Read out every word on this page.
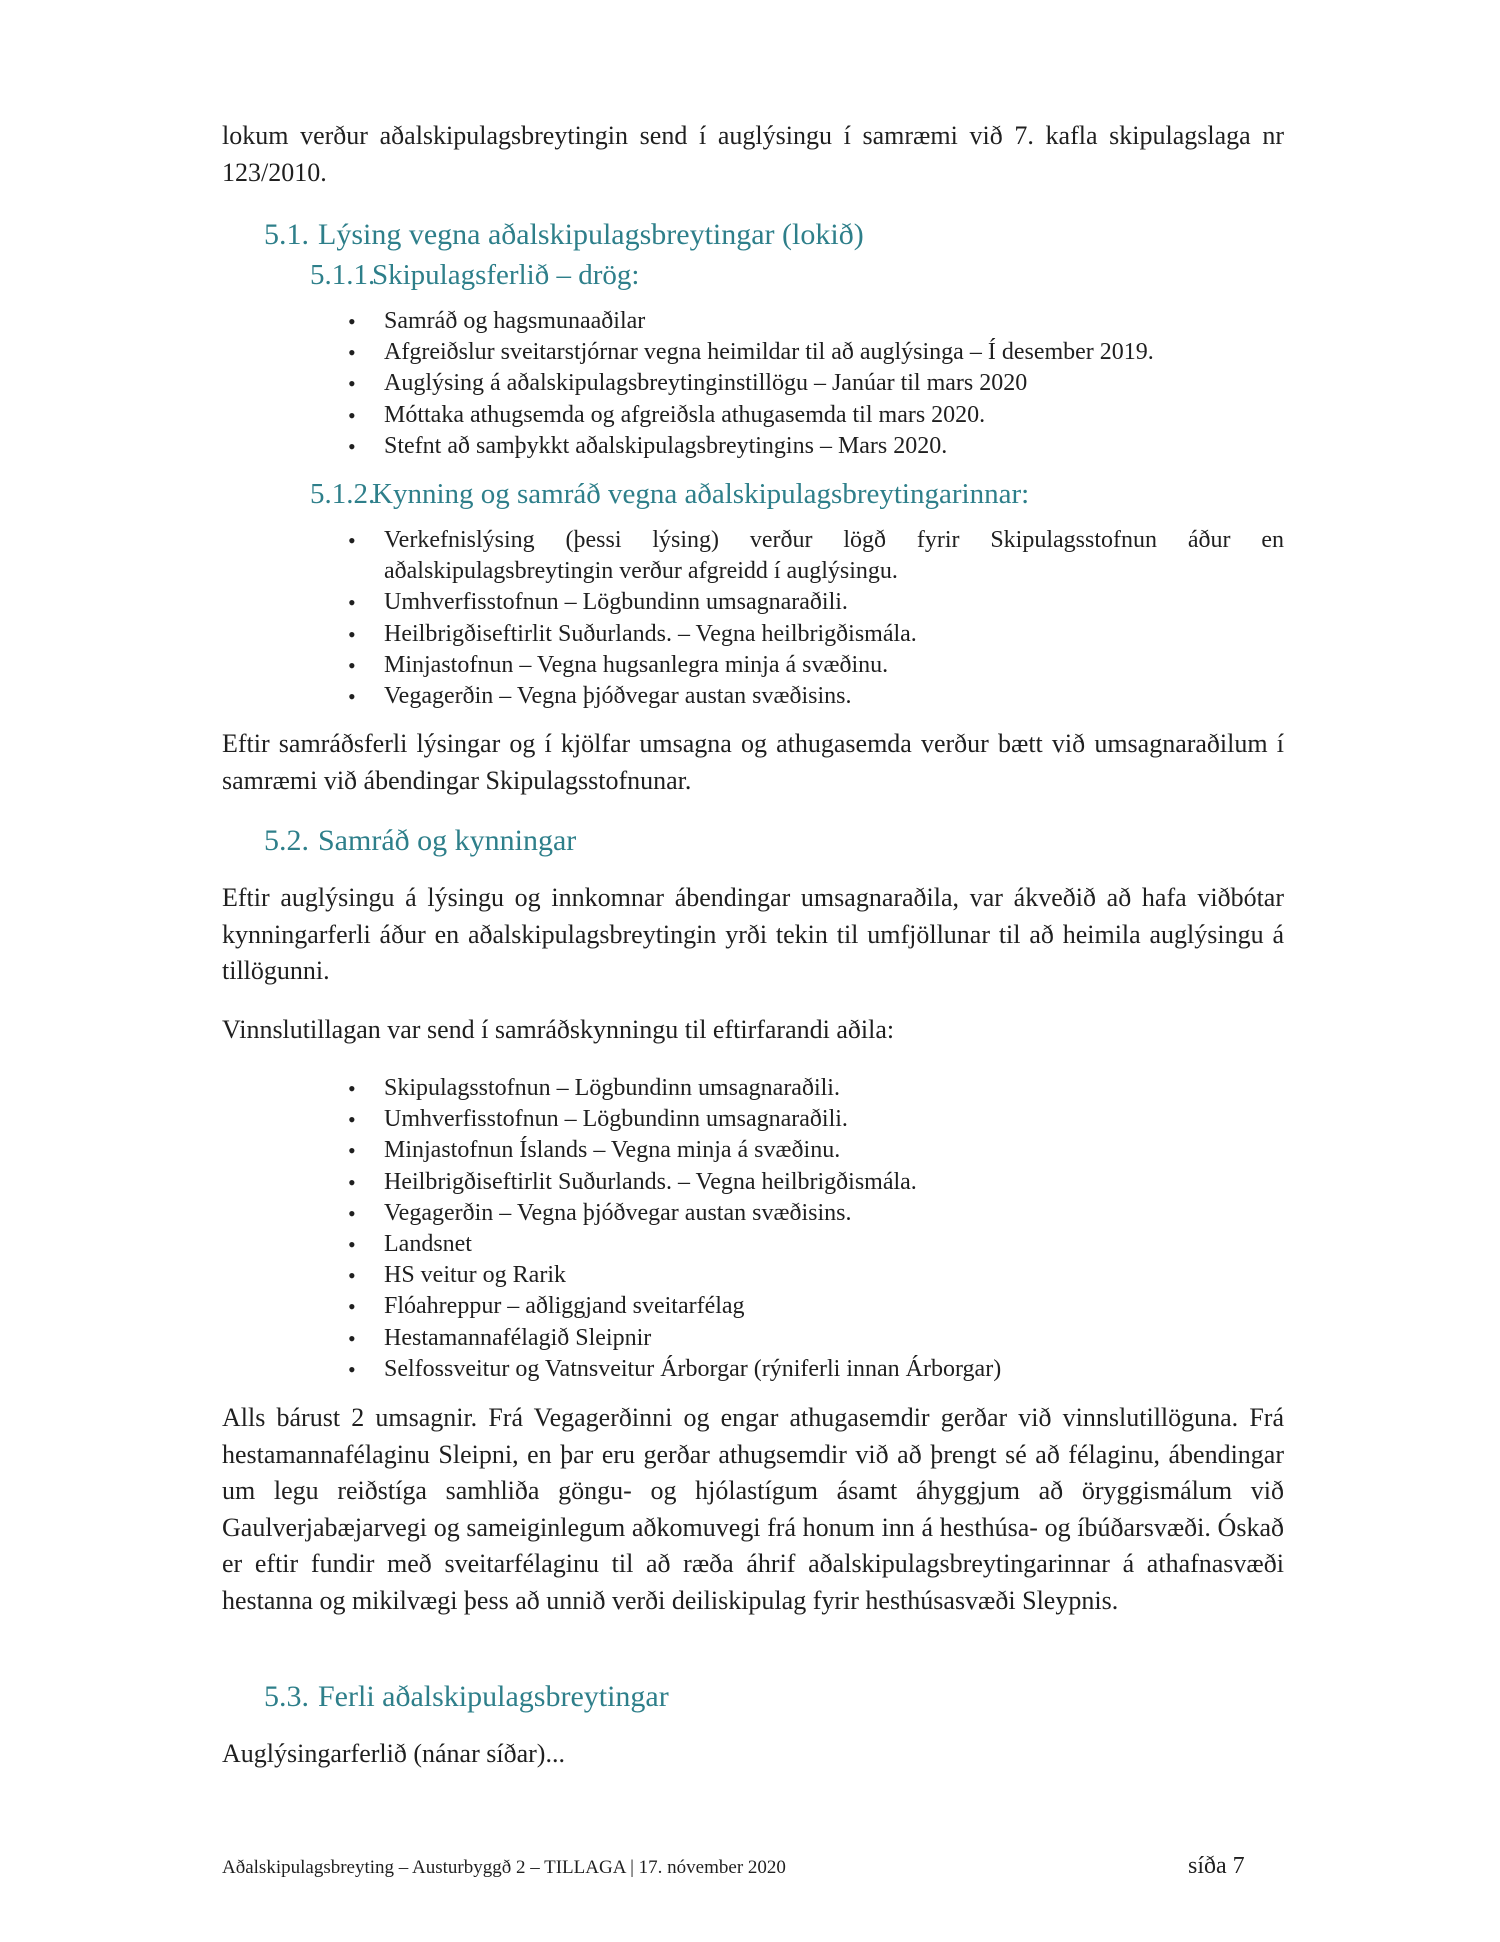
lokum verður aðalskipulagsbreytingin send í auglýsingu í samræmi við 7. kafla skipulagslaga nr 123/2010.
5.1. Lýsing vegna aðalskipulagsbreytingar (lokið)
5.1.1.Skipulagsferlið – drög:
• Samráð og hagsmunaaðilar
• Afgreiðslur sveitarstjórnar vegna heimildar til að auglýsinga – Í desember 2019.
• Auglýsing á aðalskipulagsbreytinginstillögu – Janúar til mars 2020
• Móttaka athugsemda og afgreiðsla athugasemda til mars 2020.
• Stefnt að samþykkt aðalskipulagsbreytingins – Mars 2020.
5.1.2.Kynning og samráð vegna aðalskipulagsbreytingarinnar:
• Verkefnislýsing (þessi lýsing) verður lögð fyrir Skipulagsstofnun áður en aðalskipulagsbreytingin verður afgreidd í auglýsingu.
• Umhverfisstofnun – Lögbundinn umsagnaraðili.
• Heilbrigðiseftirlit Suðurlands. – Vegna heilbrigðismála.
• Minjastofnun – Vegna hugsanlegra minja á svæðinu.
• Vegagerðin – Vegna þjóðvegar austan svæðisins.
Eftir samráðsferli lýsingar og í kjölfar umsagna og athugasemda verður bætt við umsagnaraðilum í samræmi við ábendingar Skipulagsstofnunar.
5.2. Samráð og kynningar
Eftir auglýsingu á lýsingu og innkomnar ábendingar umsagnaraðila, var ákveðið að hafa viðbótar kynningarferli áður en aðalskipulagsbreytingin yrði tekin til umfjöllunar til að heimila auglýsingu á tillögunni.
Vinnslutillagan var send í samráðskynningu til eftirfarandi aðila:
• Skipulagsstofnun – Lögbundinn umsagnaraðili.
• Umhverfisstofnun – Lögbundinn umsagnaraðili.
• Minjastofnun Íslands – Vegna minja á svæðinu.
• Heilbrigðiseftirlit Suðurlands. – Vegna heilbrigðismála.
• Vegagerðin – Vegna þjóðvegar austan svæðisins.
• Landsnet
• HS veitur og Rarik
• Flóahreppur – aðliggjand sveitarfélag
• Hestamannafélagið Sleipnir
• Selfossveitur og Vatnsveitur Árborgar (rýniferli innan Árborgar)
Alls bárust 2 umsagnir. Frá Vegagerðinni og engar athugasemdir gerðar við vinnslutillöguna. Frá hestamannafélaginu Sleipni, en þar eru gerðar athugsemdir við að þrengt sé að félaginu, ábendingar um legu reiðstíga samhliða göngu- og hjólastígum ásamt áhyggjum að öryggismálum við Gaulverjabæjarvegi og sameiginlegum aðkomuvegi frá honum inn á hesthúsa- og íbúðarsvæði. Óskað er eftir fundir með sveitarfélaginu til að ræða áhrif aðalskipulagsbreytingarinnar á athafnasvæði hestanna og mikilvægi þess að unnið verði deiliskipulag fyrir hesthúsasvæði Sleypnis.
5.3. Ferli aðalskipulagsbreytingar
Auglýsingarferlið (nánar síðar)...
Aðalskipulagsbreyting – Austurbyggð 2 – TILLAGA | 17. nóvember 2020	síða 7
